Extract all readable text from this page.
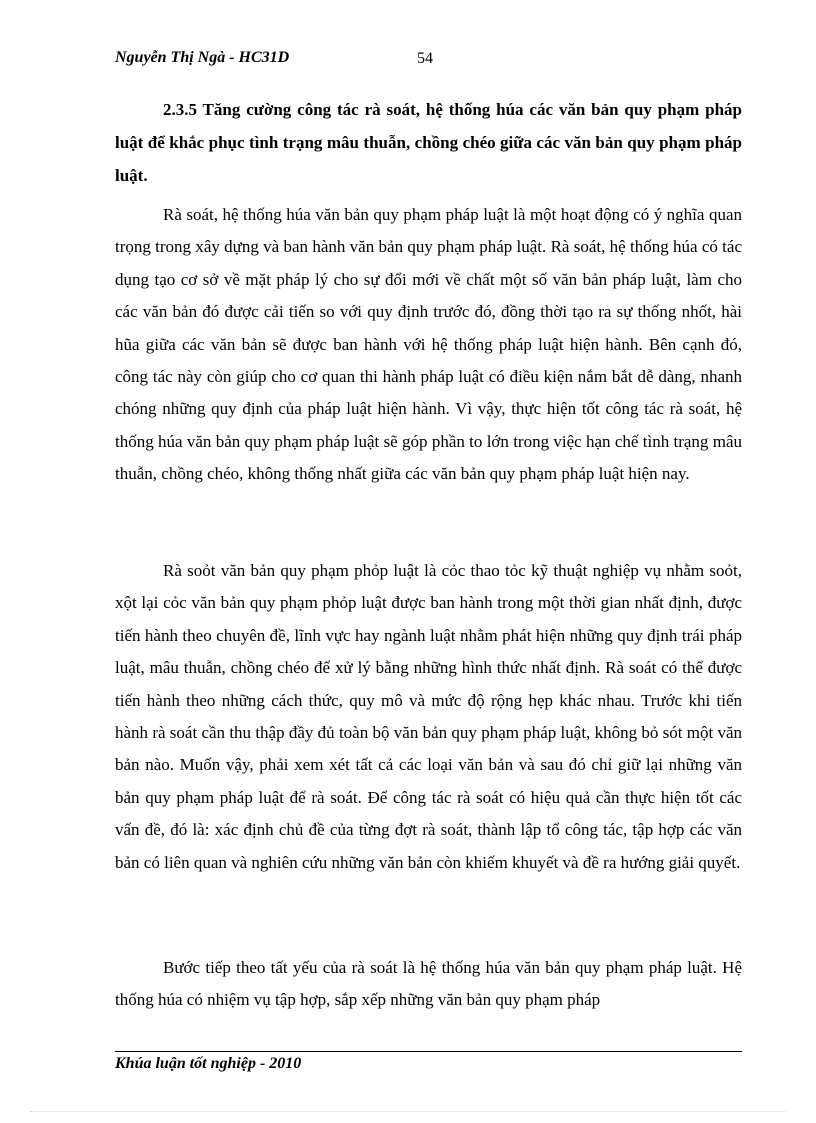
Nguyễn Thị Ngà - HC31D	54
2.3.5 Tăng cường công tác rà soát, hệ thống húa các văn bản quy phạm pháp luật để khắc phục tình trạng mâu thuẫn, chồng chéo giữa các văn bản quy phạm pháp luật.

Rà soát, hệ thống húa văn bản quy phạm pháp luật là một hoạt động có ý nghĩa quan trọng trong xây dựng và ban hành văn bản quy phạm pháp luật. Rà soát, hệ thống húa có tác dụng tạo cơ sở về mặt pháp lý cho sự đổi mới về chất một số văn bản pháp luật, làm cho các văn bản đó được cải tiến so với quy định trước đó, đồng thời tạo ra sự thống nhốt, hài hũa giữa các văn bản sẽ được ban hành với hệ thống pháp luật hiện hành. Bên cạnh đó, công tác này còn giúp cho cơ quan thi hành pháp luật có điều kiện nắm bắt dễ dàng, nhanh chóng những quy định của pháp luật hiện hành. Vì vậy, thực hiện tốt công tác rà soát, hệ thống húa văn bản quy phạm pháp luật sẽ góp phần to lớn trong việc hạn chế tình trạng mâu thuẫn, chồng chéo, không thống nhất giữa các văn bản quy phạm pháp luật hiện nay.

Rà soỏt văn bản quy phạm phỏp luật là cỏc thao tỏc kỹ thuật nghiệp vụ nhằm soỏt, xột lại cỏc văn bản quy phạm phỏp luật được ban hành trong một thời gian nhất định, được tiến hành theo chuyên đề, lĩnh vực hay ngành luật nhằm phát hiện những quy định trái pháp luật, mâu thuẫn, chồng chéo để xử lý bằng những hình thức nhất định. Rà soát có thể được tiến hành theo những cách thức, quy mô và mức độ rộng hẹp khác nhau. Trước khi tiến hành rà soát cần thu thập đầy đủ toàn bộ văn bản quy phạm pháp luật, không bỏ sót một văn bản nào. Muốn vậy, phải xem xét tất cả các loại văn bản và sau đó chỉ giữ lại những văn bản quy phạm pháp luật để rà soát. Để công tác rà soát có hiệu quả cần thực hiện tốt các vấn đề, đó là: xác định chủ đề của từng đợt rà soát, thành lập tổ công tác, tập hợp các văn bản có liên quan và nghiên cứu những văn bản còn khiếm khuyết và đề ra hướng giải quyết.

Bước tiếp theo tất yếu của rà soát là hệ thống húa văn bản quy phạm pháp luật. Hệ thống húa có nhiệm vụ tập hợp, sắp xếp những văn bản quy phạm pháp

Khúa luận tốt nghiệp - 2010
